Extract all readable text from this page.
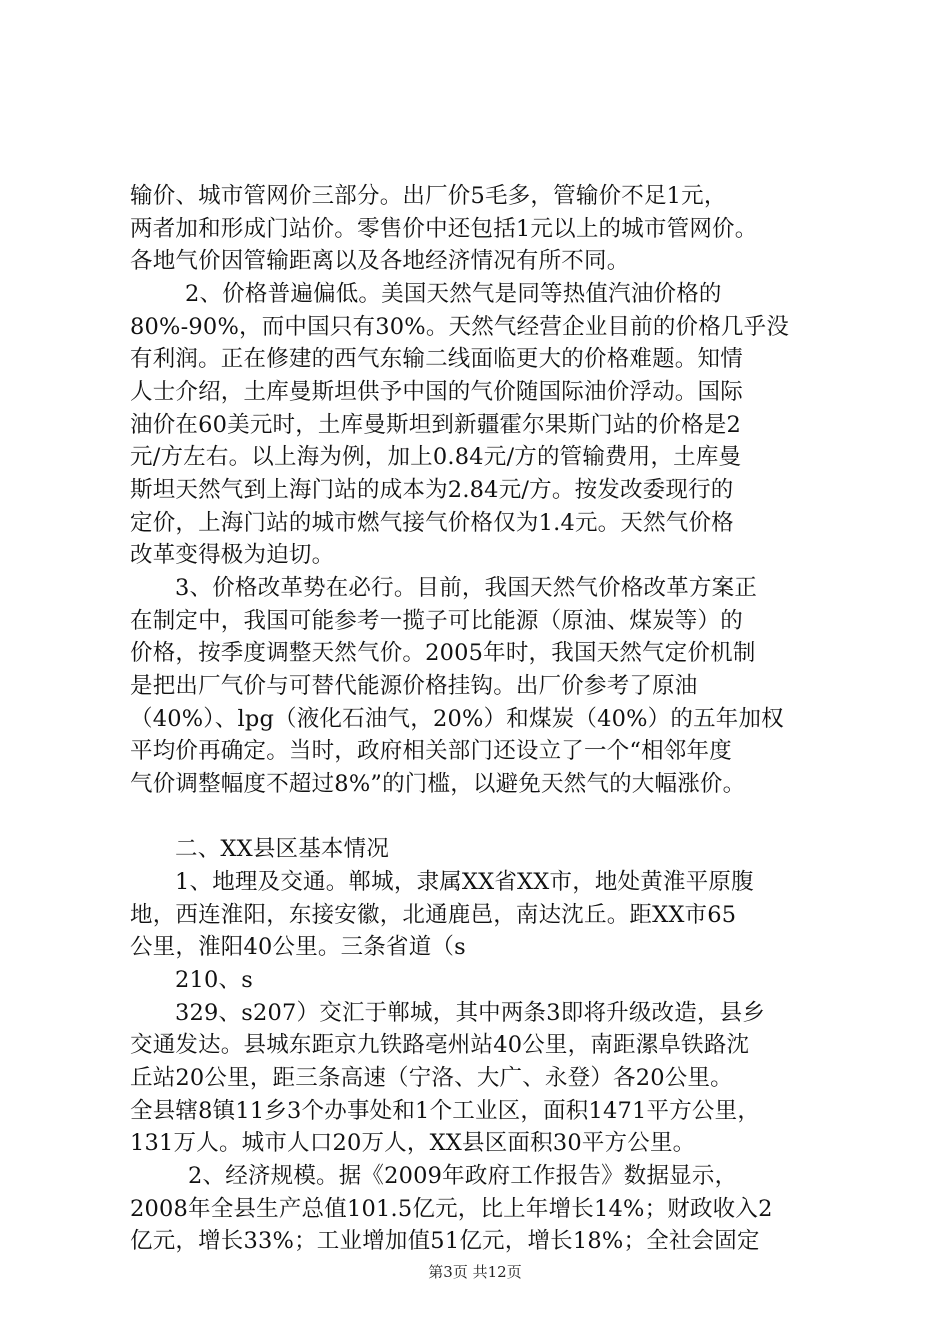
输价、城市管网价三部分。出厂价5毛多，管输价不足1元，
两者加和形成门站价。零售价中还包括1元以上的城市管网价。
各地气价因管输距离以及各地经济情况有所不同。
2、价格普遍偏低。美国天然气是同等热值汽油价格的
80%-90%，而中国只有30%。天然气经营企业目前的价格几乎没
有利润。正在修建的西气东输二线面临更大的价格难题。知情
人士介绍，土库曼斯坦供予中国的气价随国际油价浮动。国际
油价在60美元时，土库曼斯坦到新疆霍尔果斯门站的价格是2
元/方左右。以上海为例，加上0.84元/方的管输费用，土库曼
斯坦天然气到上海门站的成本为2.84元/方。按发改委现行的
定价，上海门站的城市燃气接气价格仅为1.4元。天然气价格
改革变得极为迫切。
3、价格改革势在必行。目前，我国天然气价格改革方案正
在制定中，我国可能参考一揽子可比能源（原油、煤炭等）的
价格，按季度调整天然气价。2005年时，我国天然气定价机制
是把出厂气价与可替代能源价格挂钩。出厂价参考了原油
（40%）、lpg（液化石油气，20%）和煤炭（40%）的五年加权
平均价再确定。当时，政府相关部门还设立了一个“相邻年度
气价调整幅度不超过8%”的门槛，以避免天然气的大幅涨价。
二、XX县区基本情况
1、地理及交通。郸城，隶属XX省XX市，地处黄淮平原腹
地，西连淮阳，东接安徽，北通鹿邑，南达沈丘。距XX市65
公里，淮阳40公里。三条省道（s
210、s
329、s207）交汇于郸城，其中两条3即将升级改造，县乡
交通发达。县城东距京九铁路亳州站40公里，南距漯阜铁路沈
丘站20公里，距三条高速（宁洛、大广、永登）各20公里。
全县辖8镇11乡3个办事处和1个工业区，面积1471平方公里，
131万人。城市人口20万人，XX县区面积30平方公里。
2、经济规模。据《2009年政府工作报告》数据显示，
2008年全县生产总值101.5亿元，比上年增长14%；财政收入2
第3页 共12页
亿元，增长33%；工业增加值51亿元，增长18%；全社会固定
